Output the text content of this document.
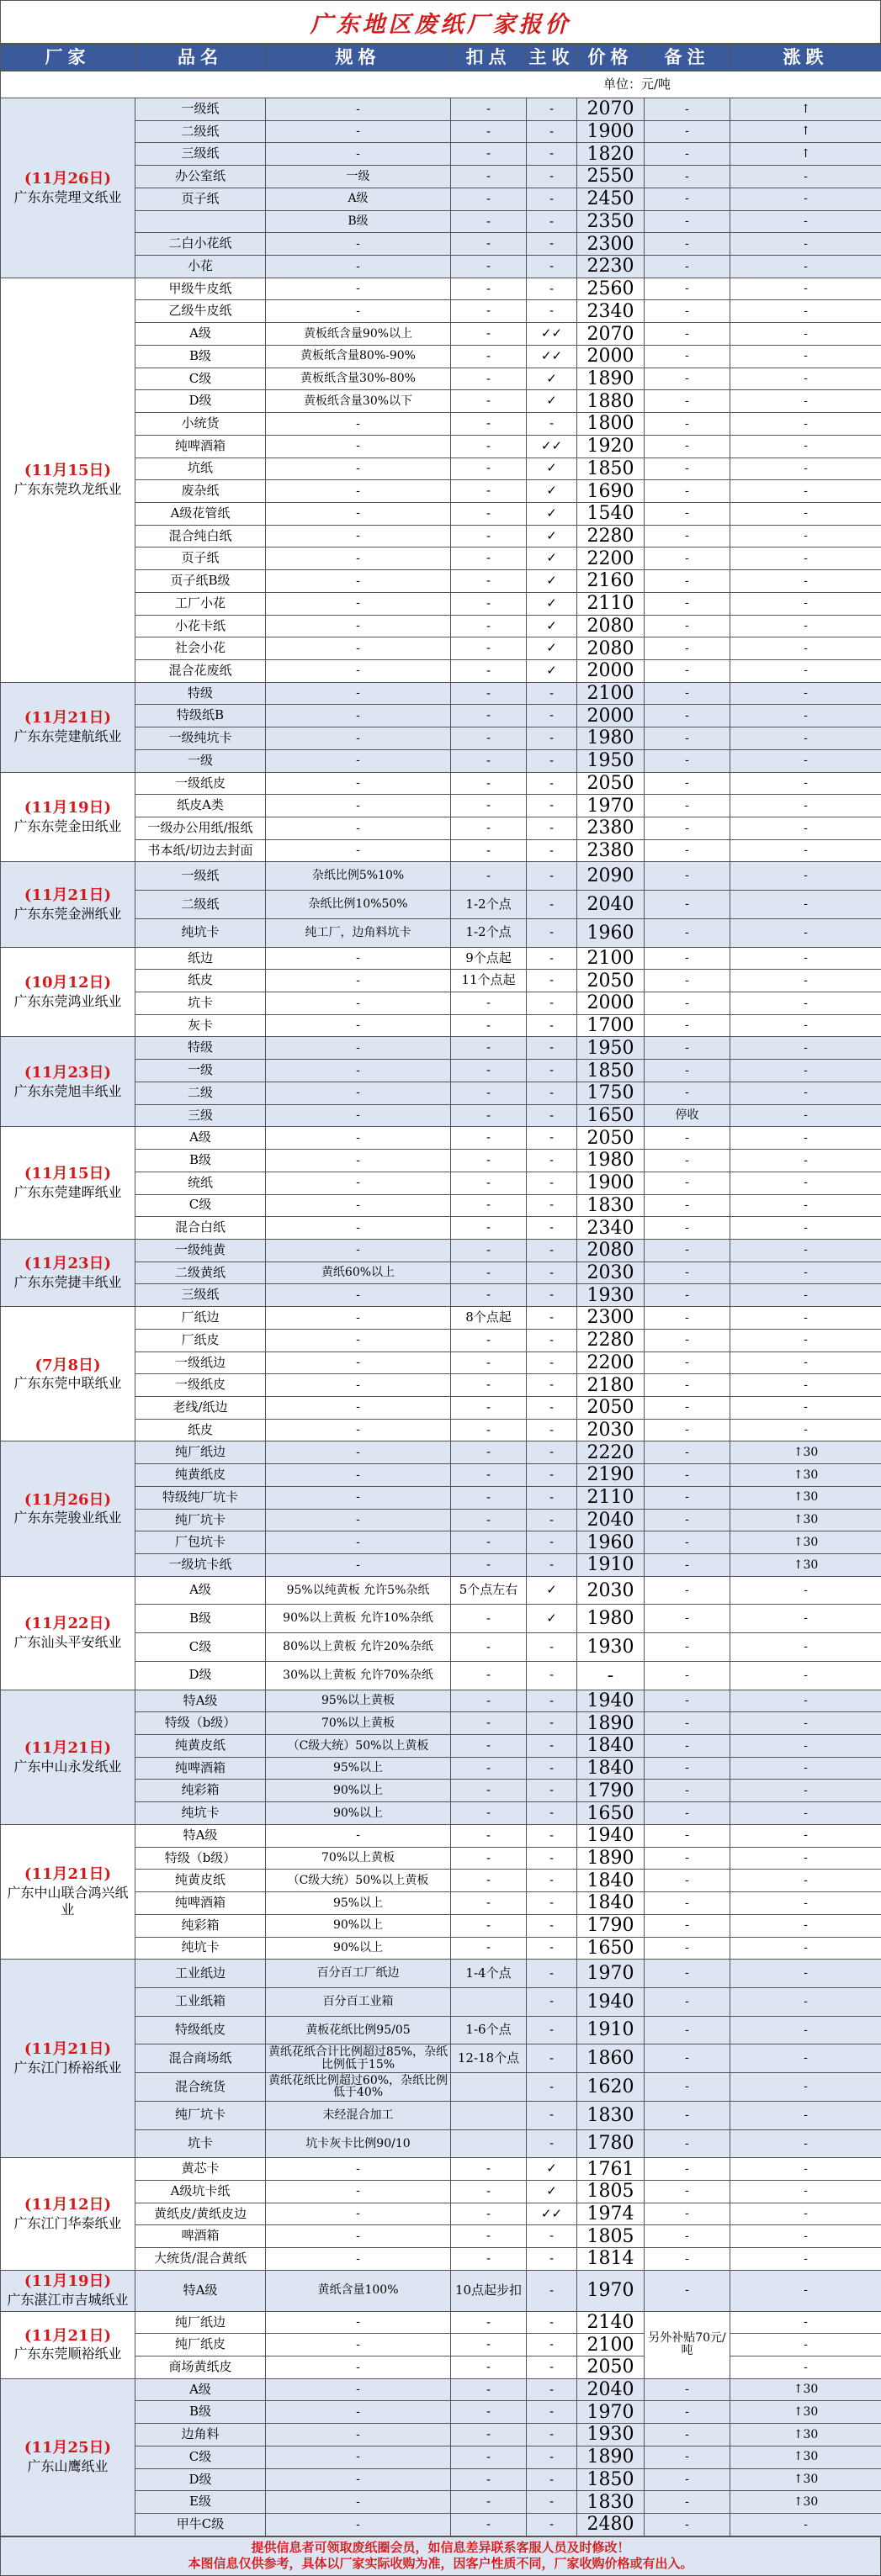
广东地区废纸厂家报价
厂家	品名	规格	扣点	主收	价格	备注	涨跌
单位：元/吨							

(11月26日)
广东东莞理文纸业	一级纸	-	-	-	2070	-	↑
	二级纸	-	-	-	1900	-	↑
	三级纸	-	-	-	1820	-	↑
	办公室纸	一级	-	-	2550	-	-
	页子纸	A级	-	-	2450	-	-
		B级	-	-	2350	-	-
	二白小花纸	-	-	-	2300	-	-
	小花	-	-	-	2230	-	-

(11月15日)
广东东莞玖龙纸业	甲级牛皮纸	-	-	-	2560	-	-
	乙级牛皮纸	-	-	-	2340	-	-
	A级	黄板纸含量90%以上	-	✓✓	2070	-	-
	B级	黄板纸含量80%-90%	-	✓✓	2000	-	-
	C级	黄板纸含量30%-80%	-	✓	1890	-	-
	D级	黄板纸含量30%以下	-	✓	1880	-	-
	小统货	-	-	-	1800	-	-
	纯啤酒箱	-	-	✓✓	1920	-	-
	坑纸	-	-	✓	1850	-	-
	废杂纸	-	-	✓	1690	-	-
	A级花管纸	-	-	✓	1540	-	-
	混合纯白纸	-	-	✓	2280	-	-
	页子纸	-	-	✓	2200	-	-
	页子纸B级	-	-	✓	2160	-	-
	工厂小花	-	-	✓	2110	-	-
	小花卡纸	-	-	✓	2080	-	-
	社会小花	-	-	✓	2080	-	-
	混合花废纸	-	-	✓	2000	-	-

(11月21日)
广东东莞建航纸业	特级	-	-	-	2100	-	-
	特级纸B	-	-	-	2000	-	-
	一级纯坑卡	-	-	-	1980	-	-
	一级	-	-	-	1950	-	-

(11月19日)
广东东莞金田纸业	一级纸皮	-	-	-	2050	-	-
	纸皮A类	-	-	-	1970	-	-
	一级办公用纸/报纸	-	-	-	2380	-	-
	书本纸/切边去封面	-	-	-	2380	-	-

(11月21日)
广东东莞金洲纸业	一级纸	杂纸比例5%10%	-	-	2090	-	-
	二级纸	杂纸比例10%50%	1-2个点	-	2040	-	-
	纯坑卡	纯工厂，边角料坑卡	1-2个点	-	1960	-	-

(10月12日)
广东东莞鸿业纸业	纸边	-	9个点起	-	2100	-	-
	纸皮	-	11个点起	-	2050	-	-
	坑卡	-	-	-	2000	-	-
	灰卡	-	-	-	1700	-	-

(11月23日)
广东东莞旭丰纸业	特级	-	-	-	1950	-	-
	一级	-	-	-	1850	-	-
	二级	-	-	-	1750	-	-
	三级	-	-	-	1650	停收	-

(11月15日)
广东东莞建晖纸业	A级	-	-	-	2050	-	-
	B级	-	-	-	1980	-	-
	统纸	-	-	-	1900	-	-
	C级	-	-	-	1830	-	-
	混合白纸	-	-	-	2340	-	-

(11月23日)
广东东莞捷丰纸业	一级纯黄	-	-	-	2080	-	-
	二级黄纸	黄纸60%以上	-	-	2030	-	-
	三级纸	-	-	-	1930	-	-

(7月8日)
广东东莞中联纸业	厂纸边	-	8个点起	-	2300	-	-
	厂纸皮	-	-	-	2280	-	-
	一级纸边	-	-	-	2200	-	-
	一级纸皮	-	-	-	2180	-	-
	老线/纸边	-	-	-	2050	-	-
	纸皮	-	-	-	2030	-	-

(11月26日)
广东东莞骏业纸业	纯厂纸边	-	-	-	2220	-	↑30
	纯黄纸皮	-	-	-	2190	-	↑30
	特级纯厂坑卡	-	-	-	2110	-	↑30
	纯厂坑卡	-	-	-	2040	-	↑30
	厂包坑卡	-	-	-	1960	-	↑30
	一级坑卡纸	-	-	-	1910	-	↑30

(11月22日)
广东汕头平安纸业	A级	95%以纯黄板 允许5%杂纸	5个点左右	✓	2030	-	-
	B级	90%以上黄板 允许10%杂纸	-	✓	1980	-	-
	C级	80%以上黄板 允许20%杂纸	-	-	1930	-	-
	D级	30%以上黄板 允许70%杂纸	-	-	-	-	-

(11月21日)
广东中山永发纸业	特A级	95%以上黄板	-	-	1940	-	-
	特级（b级）	70%以上黄板	-	-	1890	-	-
	纯黄皮纸	（C级大统）50%以上黄板	-	-	1840	-	-
	纯啤酒箱	95%以上	-	-	1840	-	-
	纯彩箱	90%以上	-	-	1790	-	-
	纯坑卡	90%以上	-	-	1650	-	-

(11月21日)
广东中山联合鸿兴纸业	特A级	-	-	-	1940	-	-
	特级（b级）	70%以上黄板	-	-	1890	-	-
	纯黄皮纸	（C级大统）50%以上黄板	-	-	1840	-	-
	纯啤酒箱	95%以上	-	-	1840	-	-
	纯彩箱	90%以上	-	-	1790	-	-
	纯坑卡	90%以上	-	-	1650	-	-

(11月21日)
广东江门桥裕纸业	工业纸边	百分百工厂纸边	1-4个点	-	1970	-	-
	工业纸箱	百分百工业箱		-	1940	-	-
	特级纸皮	黄板花纸比例95/05	1-6个点	-	1910	-	-
	混合商场纸	黄纸花纸合计比例超过85%，杂纸比例低于15%	12-18个点	-	1860	-	-
	混合统货	黄纸花纸比例超过60%，杂纸比例低于40%		-	1620	-	-
	纯厂坑卡	未经混合加工		-	1830	-	-
	坑卡	坑卡灰卡比例90/10		-	1780	-	-

(11月12日)
广东江门华泰纸业	黄芯卡	-	-	✓	1761	-	-
	A级坑卡纸	-	-	✓	1805	-	-
	黄纸皮/黄纸皮边	-	-	✓✓	1974	-	-
	啤酒箱	-	-	-	1805	-	-
	大统货/混合黄纸	-	-	-	1814	-	-

(11月19日)
广东湛江市吉城纸业	特A级	黄纸含量100%	10点起步扣	-	1970	-	-

(11月21日)
广东东莞顺裕纸业	纯厂纸边	-	-	-	2140	另外补贴70元/吨	-
	纯厂纸皮	-	-	-	2100		-
	商场黄纸皮	-	-	-	2050		-

(11月25日)
广东山鹰纸业	A级	-	-	-	2040	-	↑30
	B级	-	-	-	1970	-	↑30
	边角料	-	-	-	1930	-	↑30
	C级	-	-	-	1890	-	↑30
	D级	-	-	-	1850	-	↑30
	E级	-	-	-	1830	-	↑30
	甲牛C级	-	-	-	2480	-	-
提供信息者可领取废纸圈会员，如信息差异联系客服人员及时修改！
本图信息仅供参考，具体以厂家实际收购为准，因客户性质不同，厂家收购价格或有出入。
